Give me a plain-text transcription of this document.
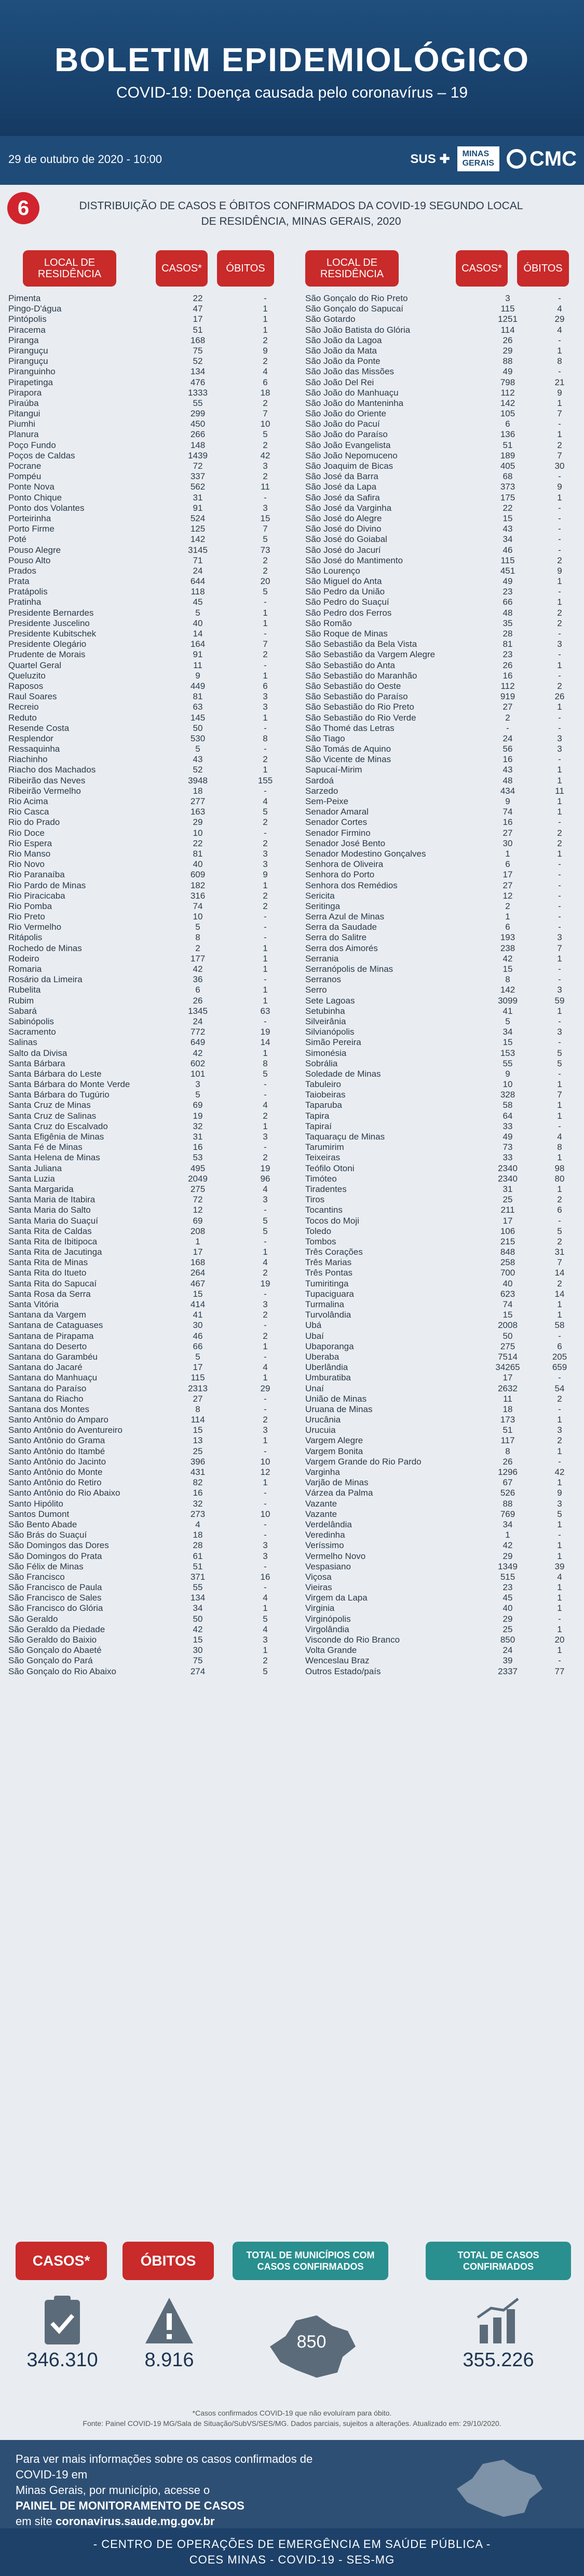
BOLETIM EPIDEMIOLÓGICO
COVID-19: Doença causada pelo coronavírus – 19
29 de outubro de 2020 - 10:00	SUS ✚	MINAS
GERAIS CMC
6	DISTRIBUIÇÃO DE CASOS E ÓBITOS CONFIRMADOS DA COVID-19 SEGUNDO LOCAL DE RESIDÊNCIA, MINAS GERAIS, 2020
LOCAL DE RESIDÊNCIA	CASOS*	ÓBITOS	LOCAL DE RESIDÊNCIA	CASOS*	ÓBITOS
Pimenta	22	-
Pingo-D'água	47	1
Pintópolis	17	1
Piracema	51	1
Piranga	168	2
Piranguçu	75	9
Piranguçu	52	2
Piranguinho	134	4
Pirapetinga	476	6
Pirapora	1333	18
Piraúba	55	2
Pitangui	299	7
Piumhi	450	10
Planura	266	5
Poço Fundo	148	2
Poços de Caldas	1439	42
Pocrane	72	3
Pompéu	337	2
Ponte Nova	562	11
Ponto Chique	31	-
Ponto dos Volantes	91	3
Porteirinha	524	15
Porto Firme	125	7
Poté	142	5
Pouso Alegre	3145	73
Pouso Alto	71	2
Prados	24	2
Prata	644	20
Pratápolis	118	5
Pratinha	45	-
Presidente Bernardes	5	1
Presidente Juscelino	40	1
Presidente Kubitschek	14	-
Presidente Olegário	164	7
Prudente de Morais	91	2
Quartel Geral	11	-
Queluzito	9	1
Raposos	449	6
Raul Soares	81	3
Recreio	63	3
Reduto	145	1
Resende Costa	50	-
Resplendor	530	8
Ressaquinha	5	-
Riachinho	43	2
Riacho dos Machados	52	1
Ribeirão das Neves	3948	155
Ribeirão Vermelho	18	-
Rio Acima	277	4
Rio Casca	163	5
Rio do Prado	29	2
Rio Doce	10	-
Rio Espera	22	2
Rio Manso	81	3
Rio Novo	40	3
Rio Paranaíba	609	9
Rio Pardo de Minas	182	1
Rio Piracicaba	316	2
Rio Pomba	74	2
Rio Preto	10	-
Rio Vermelho	5	-
Ritápolis	8	-
Rochedo de Minas	2	1
Rodeiro	177	1
Romaria	42	1
Rosário da Limeira	36	-
Rubelita	6	1
Rubim	26	1
Sabará	1345	63
Sabinópolis	24	-
Sacramento	772	19
Salinas	649	14
Salto da Divisa	42	1
Santa Bárbara	602	8
Santa Bárbara do Leste	101	5
Santa Bárbara do Monte Verde	3	-
Santa Bárbara do Tugúrio	5	-
Santa Cruz de Minas	69	4
Santa Cruz de Salinas	19	2
Santa Cruz do Escalvado	32	1
Santa Efigênia de Minas	31	3
Santa Fé de Minas	16	-
Santa Helena de Minas	53	2
Santa Juliana	495	19
Santa Luzia	2049	96
Santa Margarida	275	4
Santa Maria de Itabira	72	3
Santa Maria do Salto	12	-
Santa Maria do Suaçuí	69	5
Santa Rita de Caldas	208	5
Santa Rita de Ibitipoca	1	-
Santa Rita de Jacutinga	17	1
Santa Rita de Minas	168	4
Santa Rita do Itueto	264	2
Santa Rita do Sapucaí	467	19
Santa Rosa da Serra	15	-
Santa Vitória	414	3
Santana da Vargem	41	2
Santana de Cataguases	30	-
Santana de Pirapama	46	2
Santana do Deserto	66	1
Santana do Garambéu	5	-
Santana do Jacaré	17	4
Santana do Manhuaçu	115	1
Santana do Paraíso	2313	29
Santana do Riacho	27	-
Santana dos Montes	8	-
Santo Antônio do Amparo	114	2
Santo Antônio do Aventureiro	15	3
Santo Antônio do Grama	13	1
Santo Antônio do Itambé	25	-
Santo Antônio do Jacinto	396	10
Santo Antônio do Monte	431	12
Santo Antônio do Retiro	82	1
Santo Antônio do Rio Abaixo	16	-
Santo Hipólito	32	-
Santos Dumont	273	10
São Bento Abade	4	-
São Brás do Suaçuí	18	-
São Domingos das Dores	28	3
São Domingos do Prata	61	3
São Félix de Minas	51	-
São Francisco	371	16
São Francisco de Paula	55	-
São Francisco de Sales	134	4
São Francisco do Glória	34	1
São Geraldo	50	5
São Geraldo da Piedade	42	4
São Geraldo do Baixio	15	3
São Gonçalo do Abaeté	30	1
São Gonçalo do Pará	75	2
São Gonçalo do Rio Abaixo	274	5
São Gonçalo do Rio Preto	3	-
São Gonçalo do Sapucaí	115	4
São Gotardo	1251	29
São João Batista do Glória	114	4
São João da Lagoa	26	-
São João da Mata	29	1
São João da Ponte	88	8
São João das Missões	49	-
São João Del Rei	798	21
São João do Manhuaçu	112	9
São João do Manteninha	142	1
São João do Oriente	105	7
São João do Pacuí	6	-
São João do Paraíso	136	1
São João Evangelista	51	2
São João Nepomuceno	189	7
São Joaquim de Bicas	405	30
São José da Barra	68	-
São José da Lapa	373	9
São José da Safira	175	1
São José da Varginha	22	-
São José do Alegre	15	-
São José do Divino	43	-
São José do Goiabal	34	-
São José do Jacurí	46	-
São José do Mantimento	115	2
São Lourenço	451	9
São Miguel do Anta	49	1
São Pedro da União	23	-
São Pedro do Suaçuí	66	1
São Pedro dos Ferros	48	2
São Romão	35	2
São Roque de Minas	28	-
São Sebastião da Bela Vista	81	3
São Sebastião da Vargem Alegre	23	-
São Sebastião do Anta	26	1
São Sebastião do Maranhão	16	-
São Sebastião do Oeste	112	2
São Sebastião do Paraíso	919	26
São Sebastião do Rio Preto	27	1
São Sebastião do Rio Verde	2	-
São Thomé das Letras	-	-
São Tiago	24	3
São Tomás de Aquino	56	3
São Vicente de Minas	16	-
Sapucaí-Mirim	43	1
Sardoá	48	1
Sarzedo	434	11
Sem-Peixe	9	1
Senador Amaral	74	1
Senador Cortes	16	-
Senador Firmino	27	2
Senador José Bento	30	2
Senador Modestino Gonçalves	1	1
Senhora de Oliveira	6	-
Senhora do Porto	17	-
Senhora dos Remédios	27	-
Sericita	12	-
Seritinga	2	-
Serra Azul de Minas	1	-
Serra da Saudade	6	-
Serra do Salitre	193	3
Serra dos Aimorés	238	7
Serrania	42	1
Serranópolis de Minas	15	-
Serranos	8	-
Serro	142	3
Sete Lagoas	3099	59
Setubinha	41	1
Silveirânia	5	-
Silvianópolis	34	3
Simão Pereira	15	-
Simonésia	153	5
Sobrália	55	5
Soledade de Minas	9	-
Tabuleiro	10	1
Taiobeiras	328	7
Taparuba	58	1
Tapira	64	1
Tapiraí	33	-
Taquaraçu de Minas	49	4
Tarumirim	73	8
Teixeiras	33	1
Teófilo Otoni	2340	98
Timóteo	2340	80
Tiradentes	31	1
Tiros	25	2
Tocantins	211	6
Tocos do Moji	17	-
Toledo	106	5
Tombos	215	2
Três Corações	848	31
Três Marias	258	7
Três Pontas	700	14
Tumiritinga	40	2
Tupaciguara	623	14
Turmalina	74	1
Turvolândia	15	1
Ubá	2008	58
Ubaí	50	-
Ubaporanga	275	6
Uberaba	7514	205
Uberlândia	34265	659
Umburatiba	17	-
Unaí	2632	54
União de Minas	11	2
Uruana de Minas	18	-
Urucânia	173	1
Urucuia	51	3
Vargem Alegre	117	2
Vargem Bonita	8	1
Vargem Grande do Rio Pardo	26	-
Varginha	1296	42
Varjão de Minas	67	1
Várzea da Palma	526	9
Vazante	88	3
Vazante	769	5
Verdelândia	34	1
Veredinha	1	-
Veríssimo	42	1
Vermelho Novo	29	1
Vespasiano	1349	39
Viçosa	515	4
Vieiras	23	1
Virgem da Lapa	45	1
Virginia	40	1
Virginópolis	29	-
Virgolândia	25	1
Visconde do Rio Branco	850	20
Volta Grande	24	1
Wenceslau Braz	39	-
Outros Estado/país	2337	77
CASOS*	ÓBITOS	TOTAL DE MUNICÍPIOS COM CASOS CONFIRMADOS
TOTAL DE CASOS CONFIRMADOS
346.310	8.916
850
355.226
*Casos confirmados COVID-19 que não evoluíram para óbito.
Fonte: Painel COVID-19 MG/Sala de Situação/SubVS/SES/MG. Dados parciais, sujeitos a alterações. Atualizado em: 29/10/2020.
Para ver mais informações sobre os casos confirmados de COVID-19 em
Minas Gerais, por município, acesse o
PAINEL DE MONITORAMENTO DE CASOS
em site coronavirus.saude.mg.gov.br
- CENTRO DE OPERAÇÕES DE EMERGÊNCIA EM SAÚDE PÚBLICA -
COES MINAS - COVID-19 - SES-MG
